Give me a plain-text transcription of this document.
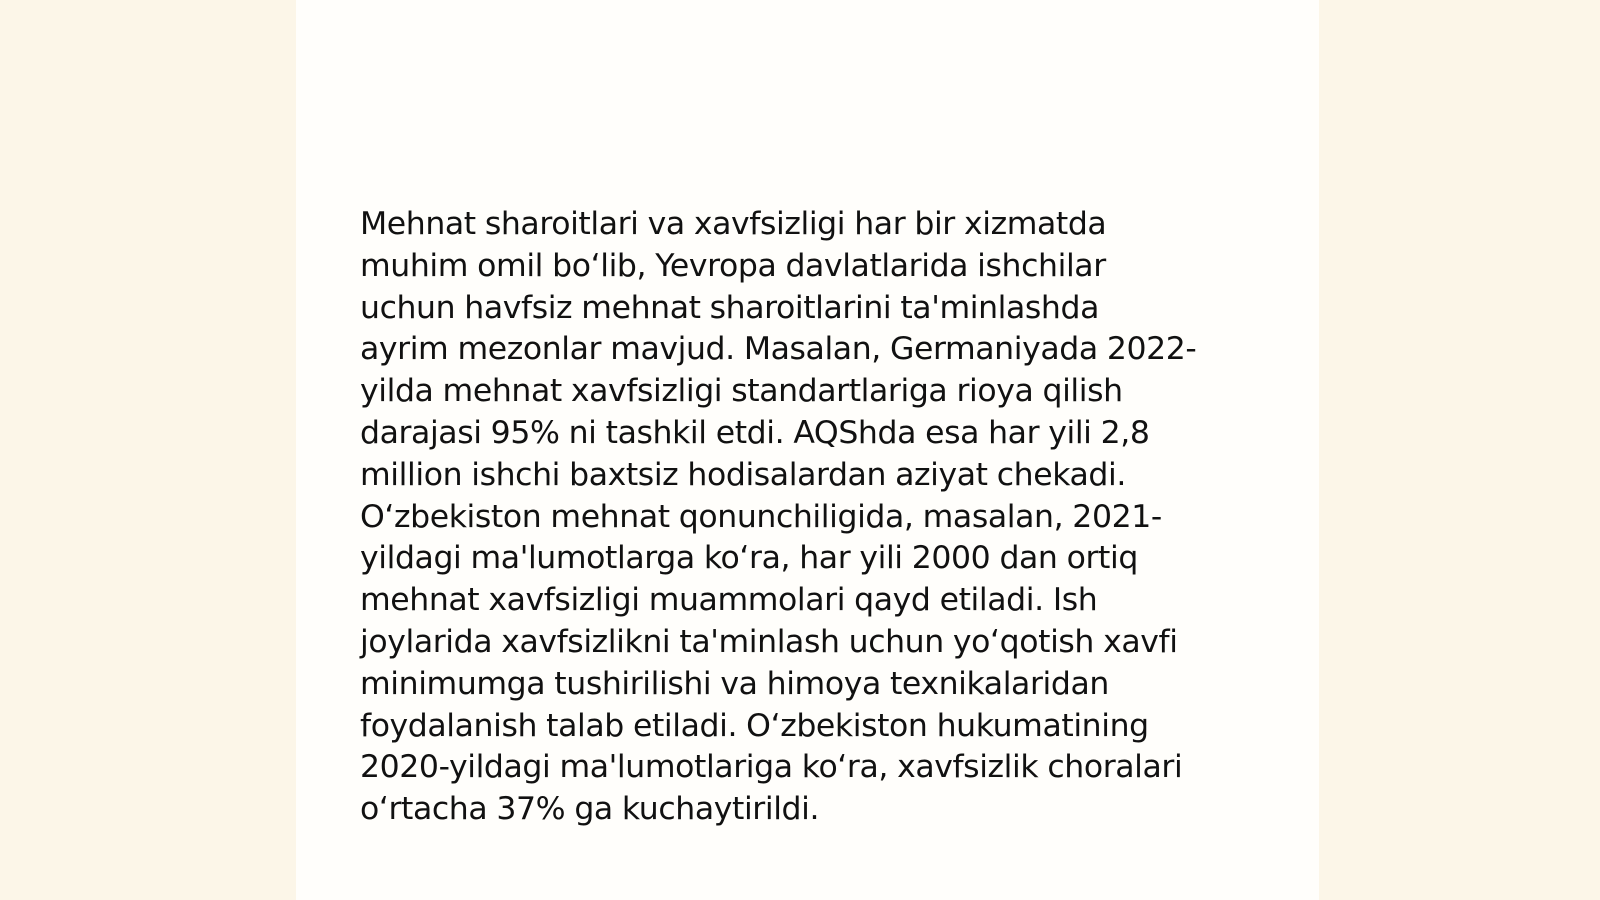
Mehnat sharoitlari va xavfsizligi har bir xizmatda
muhim omil boʻlib, Yevropa davlatlarida ishchilar
uchun havfsiz mehnat sharoitlarini ta'minlashda
ayrim mezonlar mavjud. Masalan, Germaniyada 2022-
yilda mehnat xavfsizligi standartlariga rioya qilish
darajasi 95% ni tashkil etdi. AQShda esa har yili 2,8
million ishchi baxtsiz hodisalardan aziyat chekadi.
Oʻzbekiston mehnat qonunchiligida, masalan, 2021-
yildagi ma'lumotlarga koʻra, har yili 2000 dan ortiq
mehnat xavfsizligi muammolari qayd etiladi. Ish
joylarida xavfsizlikni ta'minlash uchun yoʻqotish xavfi
minimumga tushirilishi va himoya texnikalaridan
foydalanish talab etiladi. Oʻzbekiston hukumatining
2020-yildagi ma'lumotlariga koʻra, xavfsizlik choralari
oʻrtacha 37% ga kuchaytirildi.
